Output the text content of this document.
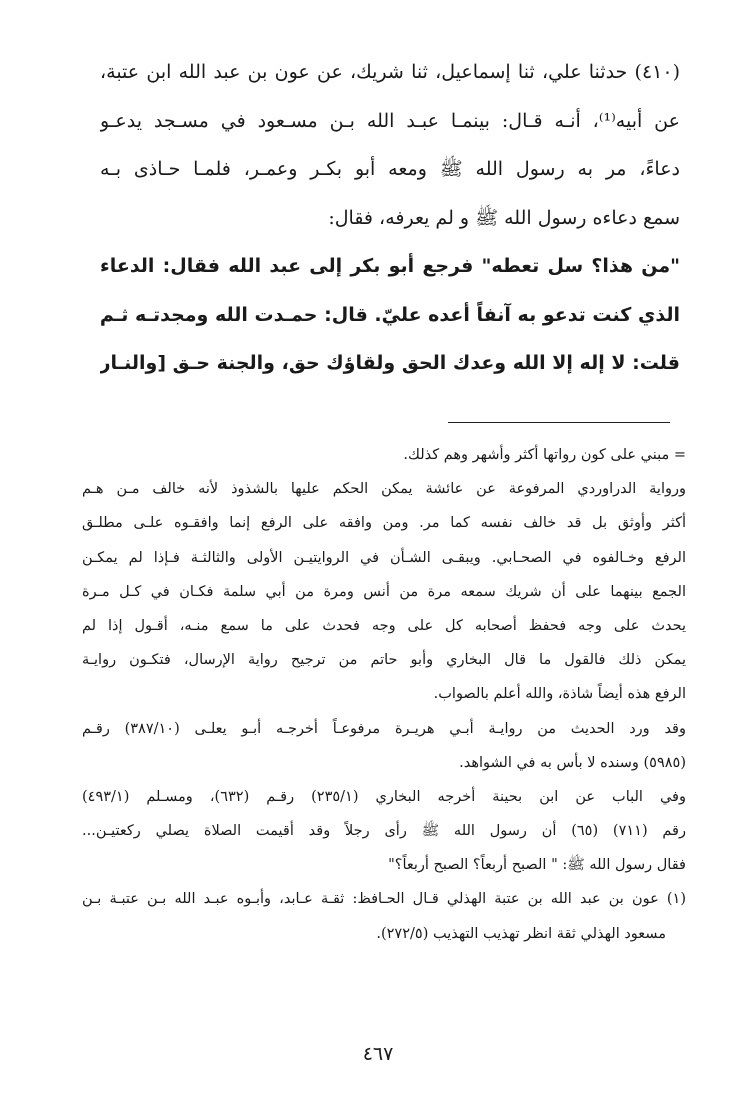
(٤١٠) حدثنا علي، ثنا إسماعيل، ثنا شريك، عن عون بن عبد الله ابن عتبة،
عن أبيه⁽¹⁾، أنـه قـال: بينمـا عبـد الله بـن مسـعود في مسـجد يدعـو
دعاءً، مر به رسول الله ﷺ ومعه أبو بكـر وعمـر، فلمـا حـاذى بـه
سمع دعاءه رسول الله ﷺ و لم يعرفه، فقال:
"من هذا؟ سل تعطه" فرجع أبو بكر إلى عبد الله فقال: الدعاء
الذي كنت تدعو به آنفاً أعده عليّ. قال: حمـدت الله ومجدتـه ثـم
قلت: لا إله إلا الله وعدك الحق ولقاؤك حق، والجنة حـق [والنـار
= مبني على كون رواتها أكثر وأشهر وهم كذلك.
ورواية الدراوردي المرفوعة عن عائشة يمكن الحكم عليها بالشذوذ لأنه خالف مـن هـم
أكثر وأوثق بل قد خالف نفسه كما مر. ومن وافقه على الرفع إنما وافقـوه علـى مطلـق
الرفع وخـالفوه في الصحـابي. ويبقـى الشـأن في الروايتيـن الأولى والثالثـة فـإذا لم يمكـن
الجمع بينهما على أن شريك سمعه مرة من أنس ومرة من أبي سلمة فكـان في كـل مـرة
يحدث على وجه فحفظ أصحابه كل على وجه فحدث على ما سمع منـه، أقـول إذا لم
يمكن ذلك فالقول ما قال البخاري وأبو حاتم من ترجيح رواية الإرسال، فتكـون روايـة
الرفع هذه أيضاً شاذة، والله أعلم بالصواب.
وقد ورد الحديث من روايـة أبـي هريـرة مرفوعـاً أخرجـه أبـو يعلـى (٣٨٧/١٠) رقـم
(٥٩٨٥) وسنده لا بأس به في الشواهد.
وفي الباب عن ابن بحينة أخرجه البخاري (٢٣٥/١) رقـم (٦٣٢)، ومسـلم (٤٩٣/١)
رقم (٧١١) (٦٥) أن رسول الله ﷺ رأى رجلاً وقد أقيمت الصلاة يصلي ركعتيـن...
فقال رسول الله ﷺ: " الصبح أربعاً؟ الصبح أربعاً؟"
(١) عون بن عبد الله بن عتبة الهذلي قـال الحـافظ: ثقـة عـابد، وأبـوه عبـد الله بـن عتبـة بـن
مسعود الهذلي ثقة انظر تهذيب التهذيب (٢٧٢/٥).
٤٦٧
